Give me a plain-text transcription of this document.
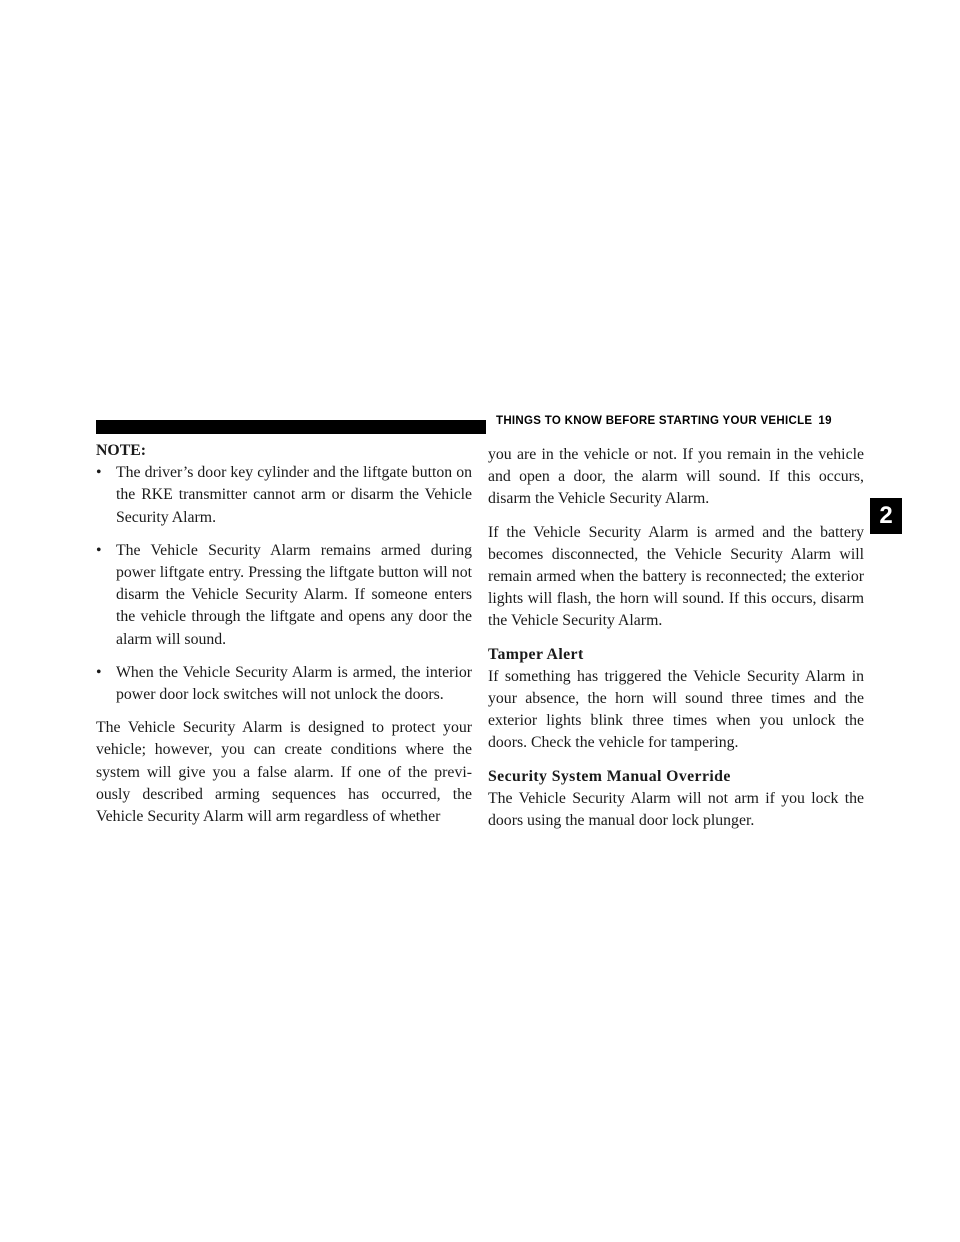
THINGS TO KNOW BEFORE STARTING YOUR VEHICLE 19
2

NOTE:

• The driver’s door key cylinder and the liftgate button on the RKE transmitter cannot arm or disarm the Vehicle Security Alarm.
• The Vehicle Security Alarm remains armed during power liftgate entry. Pressing the liftgate button will not disarm the Vehicle Security Alarm. If someone enters the vehicle through the liftgate and opens any door the alarm will sound.
• When the Vehicle Security Alarm is armed, the interior power door lock switches will not unlock the doors.

The Vehicle Security Alarm is designed to protect your vehicle; however, you can create conditions where the system will give you a false alarm. If one of the previ-ously described arming sequences has occurred, the Vehicle Security Alarm will arm regardless of whether

you are in the vehicle or not. If you remain in the vehicle and open a door, the alarm will sound. If this occurs, disarm the Vehicle Security Alarm.

If the Vehicle Security Alarm is armed and the battery becomes disconnected, the Vehicle Security Alarm will remain armed when the battery is reconnected; the exterior lights will flash, the horn will sound. If this occurs, disarm the Vehicle Security Alarm.

Tamper Alert

If something has triggered the Vehicle Security Alarm in your absence, the horn will sound three times and the exterior lights blink three times when you unlock the doors. Check the vehicle for tampering.

Security System Manual Override

The Vehicle Security Alarm will not arm if you lock the doors using the manual door lock plunger.
